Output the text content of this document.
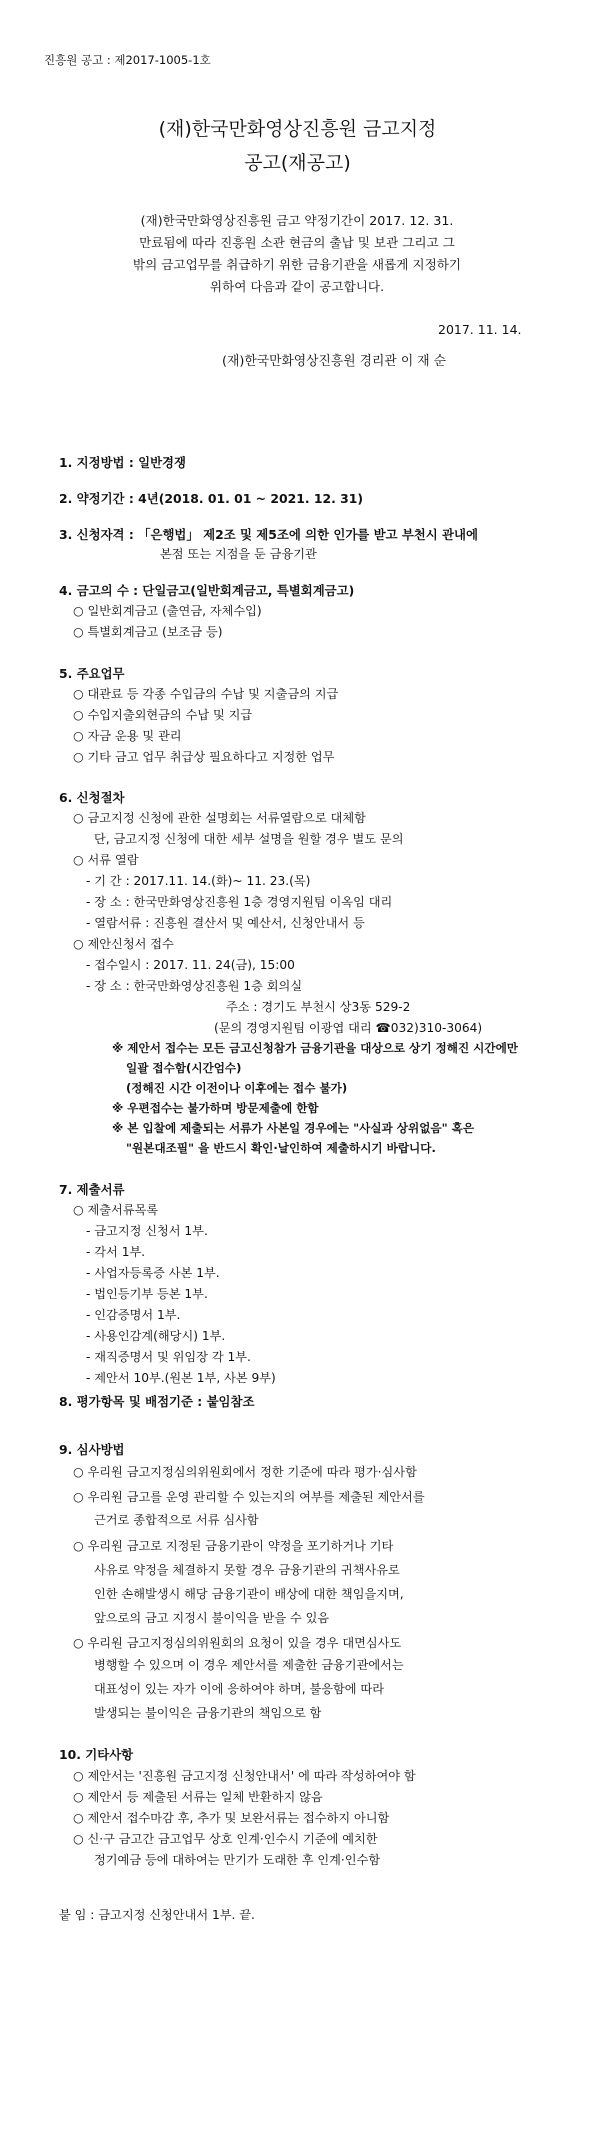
진흥원 공고 : 제2017-1005-1호
(재)한국만화영상진흥원 금고지정
공고(재공고)
(재)한국만화영상진흥원 금고 약정기간이 2017. 12. 31.
만료됨에 따라 진흥원 소관 현금의 출납 및 보관 그리고 그
밖의 금고업무를 취급하기 위한 금융기관을 새롭게 지정하기
위하여 다음과 같이 공고합니다.
2017. 11. 14.
(재)한국만화영상진흥원 경리관 이 재 순
1. 지정방법 : 일반경쟁
2. 약정기간 : 4년(2018. 01. 01 ~ 2021. 12. 31)
3. 신청자격 : 「은행법」 제2조 및 제5조에 의한 인가를 받고 부천시 관내에
본점 또는 지점을 둔 금융기관
4. 금고의 수 : 단일금고(일반회계금고, 특별회계금고)
○ 일반회계금고 (출연금, 자체수입)
○ 특별회계금고 (보조금 등)
5. 주요업무
○ 대관료 등 각종 수입금의 수납 및 지출금의 지급
○ 수입지출외현금의 수납 및 지급
○ 자금 운용 및 관리
○ 기타 금고 업무 취급상 필요하다고 지정한 업무
6. 신청절차
○ 금고지정 신청에 관한 설명회는 서류열람으로 대체함
단, 금고지정 신청에 대한 세부 설명을 원할 경우 별도 문의
○ 서류 열람
- 기 간 : 2017.11. 14.(화)~ 11. 23.(목)
- 장 소 : 한국만화영상진흥원 1층 경영지원팀 이옥임 대리
- 열람서류 : 진흥원 결산서 및 예산서, 신청안내서 등
○ 제안신청서 접수
- 접수일시 : 2017. 11. 24(금), 15:00
- 장 소 : 한국만화영상진흥원 1층 회의실
주소 : 경기도 부천시 상3동 529-2
(문의 경영지원팀 이광엽 대리 ☎032)310-3064)
※ 제안서 접수는 모든 금고신청참가 금융기관을 대상으로 상기 정해진 시간에만
일괄 접수함(시간엄수)
(정해진 시간 이전이나 이후에는 접수 불가)
※ 우편접수는 불가하며 방문제출에 한함
※ 본 입찰에 제출되는 서류가 사본일 경우에는 "사실과 상위없음" 혹은
"원본대조필" 을 반드시 확인·날인하여 제출하시기 바랍니다.
7. 제출서류
○ 제출서류목록
- 금고지정 신청서 1부.
- 각서 1부.
- 사업자등록증 사본 1부.
- 법인등기부 등본 1부.
- 인감증명서 1부.
- 사용인감계(해당시) 1부.
- 재직증명서 및 위임장 각 1부.
- 제안서 10부.(원본 1부, 사본 9부)
8. 평가항목 및 배점기준 : 붙임참조
9. 심사방법
○ 우리원 금고지정심의위원회에서 정한 기준에 따라 평가·심사함
○ 우리원 금고를 운영 관리할 수 있는지의 여부를 제출된 제안서를
근거로 종합적으로 서류 심사함
○ 우리원 금고로 지정된 금융기관이 약정을 포기하거나 기타
사유로 약정을 체결하지 못할 경우 금융기관의 귀책사유로
인한 손해발생시 해당 금융기관이 배상에 대한 책임을지며,
앞으로의 금고 지정시 불이익을 받을 수 있음
○ 우리원 금고지정심의위원회의 요청이 있을 경우 대면심사도
병행할 수 있으며 이 경우 제안서를 제출한 금융기관에서는
대표성이 있는 자가 이에 응하여야 하며, 불응함에 따라
발생되는 불이익은 금융기관의 책임으로 함
10. 기타사항
○ 제안서는 '진흥원 금고지정 신청안내서' 에 따라 작성하여야 함
○ 제안서 등 제출된 서류는 일체 반환하지 않음
○ 제안서 접수마감 후, 추가 및 보완서류는 접수하지 아니함
○ 신·구 금고간 금고업무 상호 인계·인수시 기준에 예치한
정기예금 등에 대하여는 만기가 도래한 후 인계·인수함
붙 임 : 금고지정 신청안내서 1부. 끝.
